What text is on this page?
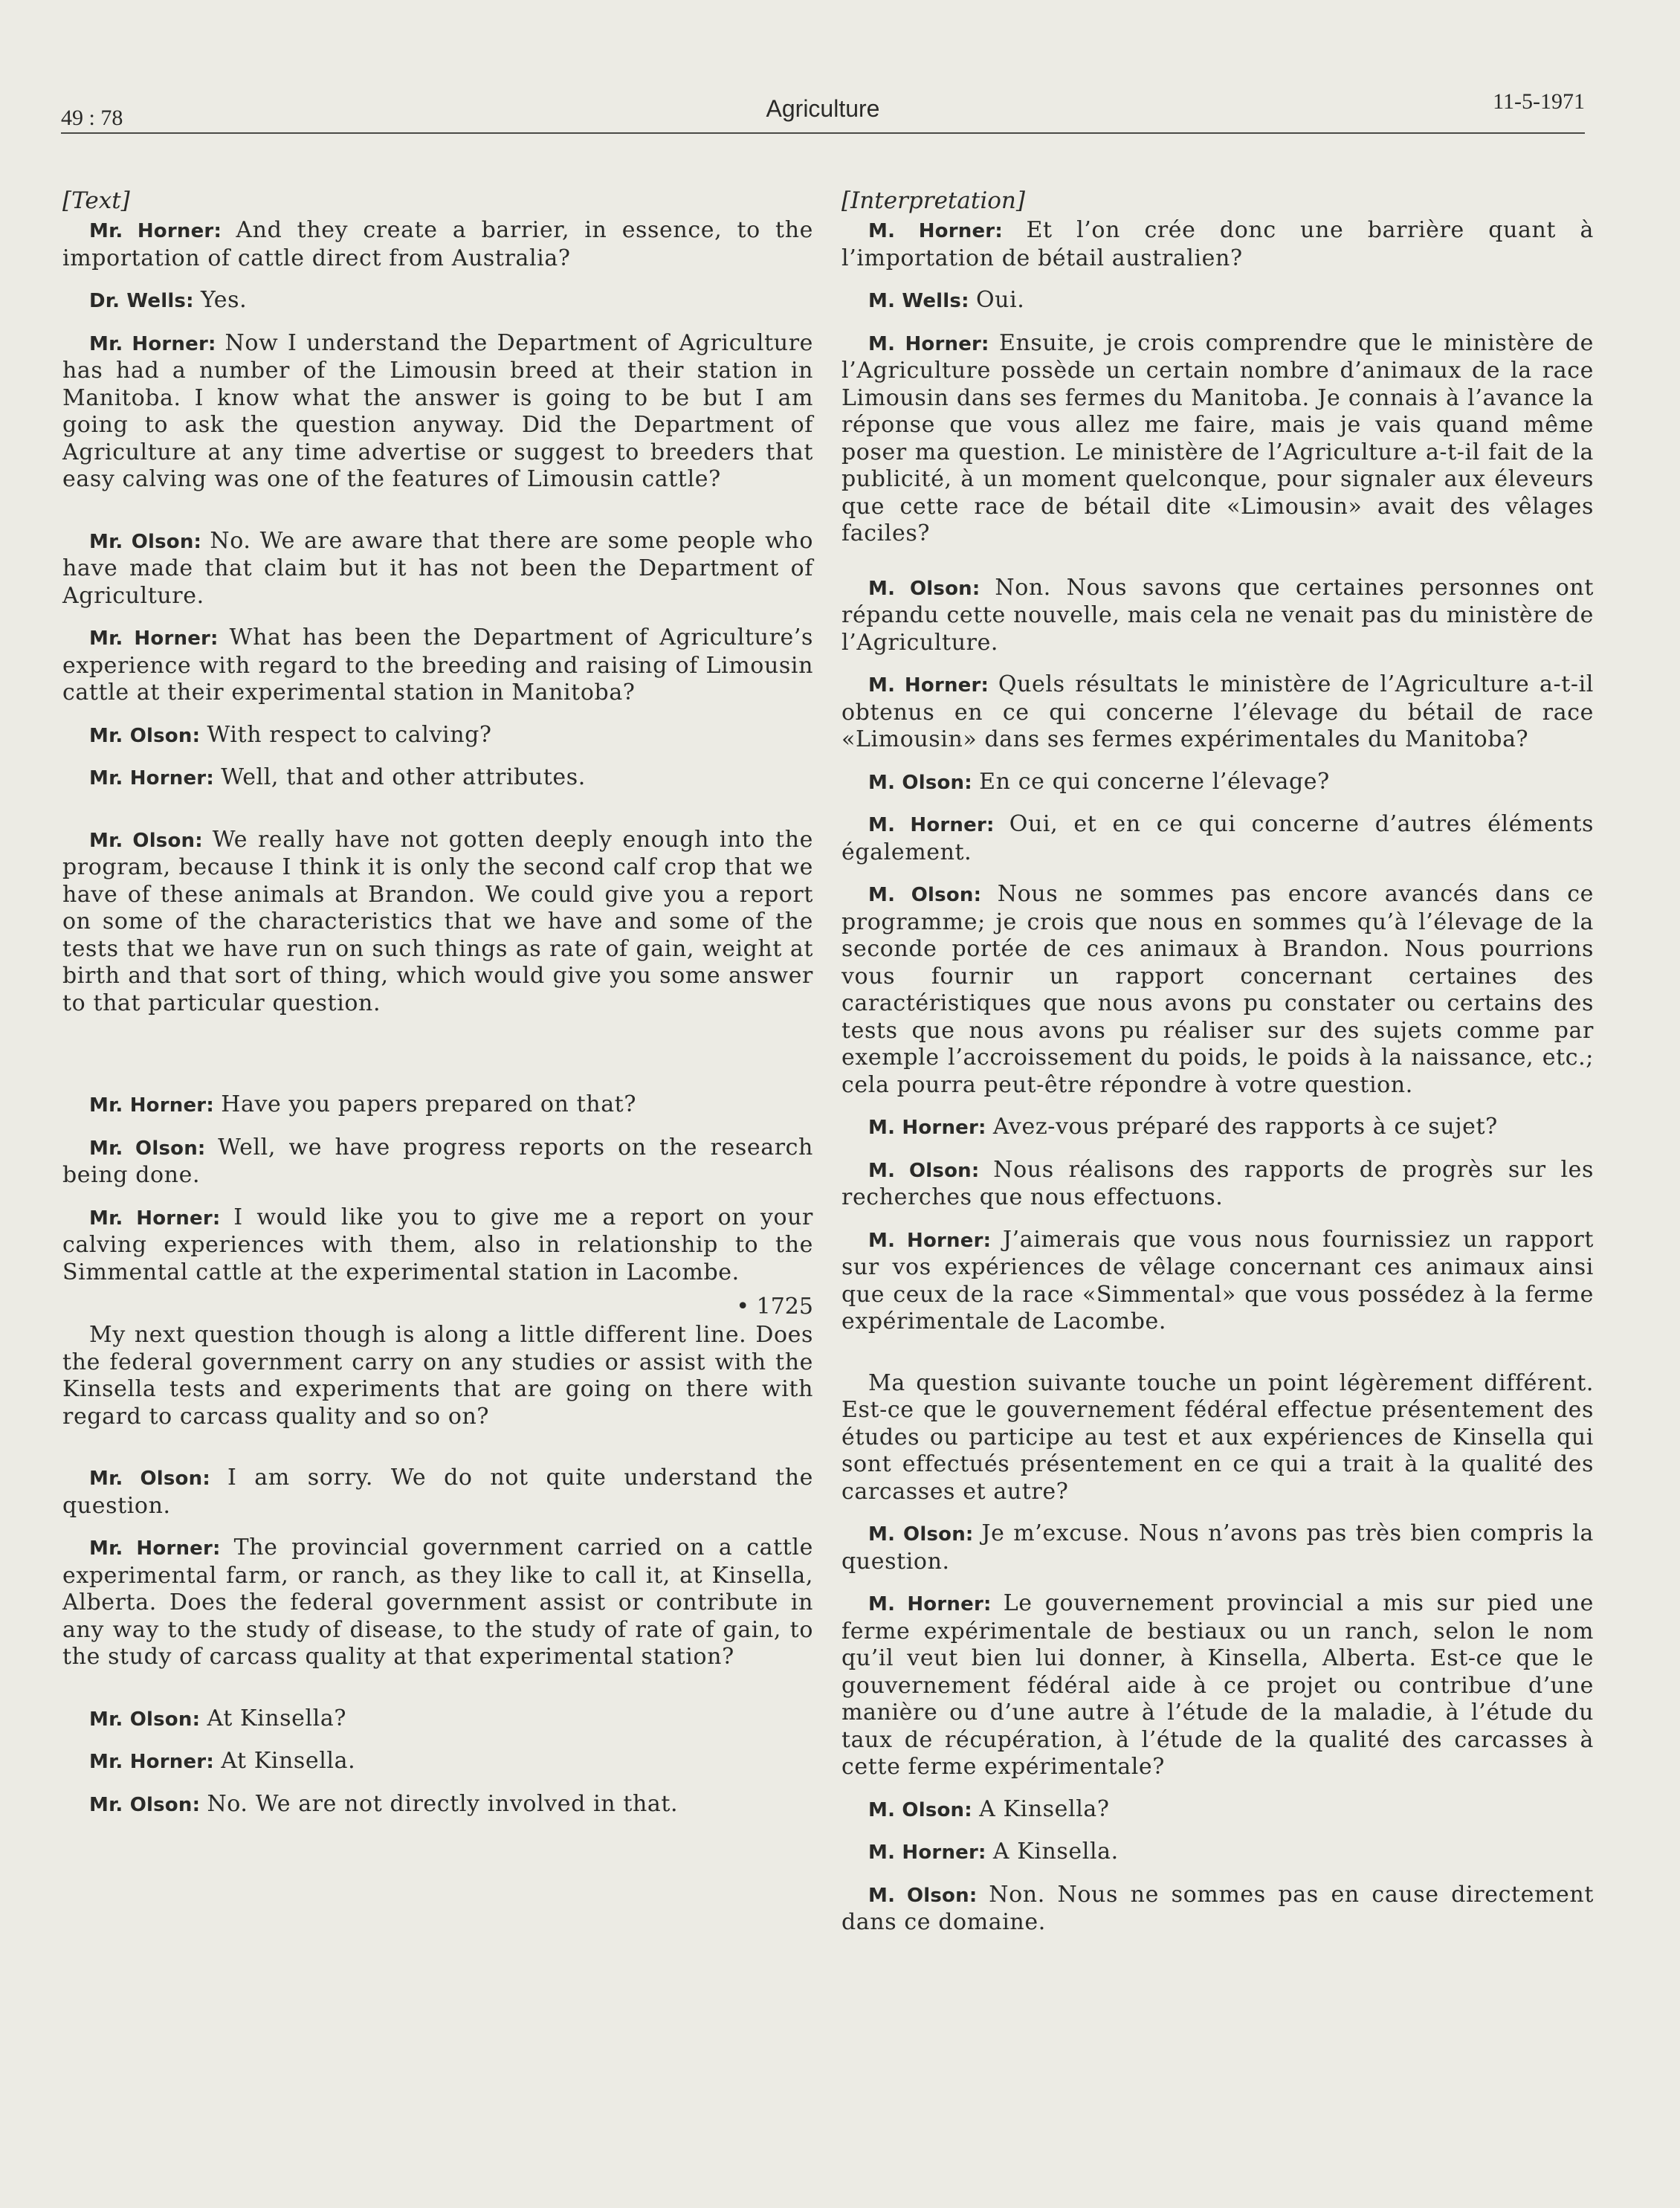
49 : 78	Agriculture	11-5-1971
[Text]

Mr. Horner: And they create a barrier, in essence, to the importation of cattle direct from Australia?

Dr. Wells: Yes.

Mr. Horner: Now I understand the Department of Agriculture has had a number of the Limousin breed at their station in Manitoba. I know what the answer is going to be but I am going to ask the question anyway. Did the Department of Agriculture at any time advertise or suggest to breeders that easy calving was one of the features of Limousin cattle?

Mr. Olson: No. We are aware that there are some people who have made that claim but it has not been the Department of Agriculture.

Mr. Horner: What has been the Department of Agriculture’s experience with regard to the breeding and raising of Limousin cattle at their experimental station in Manitoba?

Mr. Olson: With respect to calving?

Mr. Horner: Well, that and other attributes.

Mr. Olson: We really have not gotten deeply enough into the program, because I think it is only the second calf crop that we have of these animals at Brandon. We could give you a report on some of the characteristics that we have and some of the tests that we have run on such things as rate of gain, weight at birth and that sort of thing, which would give you some answer to that particular question.

Mr. Horner: Have you papers prepared on that?

Mr. Olson: Well, we have progress reports on the research being done.

Mr. Horner: I would like you to give me a report on your calving experiences with them, also in relationship to the Simmental cattle at the experimental station in Lacombe.

• 1725

My next question though is along a little different line. Does the federal government carry on any studies or assist with the Kinsella tests and experiments that are going on there with regard to carcass quality and so on?

Mr. Olson: I am sorry. We do not quite understand the question.

Mr. Horner: The provincial government carried on a cattle experimental farm, or ranch, as they like to call it, at Kinsella, Alberta. Does the federal government assist or contribute in any way to the study of disease, to the study of rate of gain, to the study of carcass quality at that experimental station?

Mr. Olson: At Kinsella?

Mr. Horner: At Kinsella.

Mr. Olson: No. We are not directly involved in that.

[Interpretation]

M. Horner: Et l’on crée donc une barrière quant à l’importation de bétail australien?

M. Wells: Oui.

M. Horner: Ensuite, je crois comprendre que le ministère de l’Agriculture possède un certain nombre d’animaux de la race Limousin dans ses fermes du Manitoba. Je connais à l’avance la réponse que vous allez me faire, mais je vais quand même poser ma question. Le ministère de l’Agriculture a-t-il fait de la publicité, à un moment quelconque, pour signaler aux éleveurs que cette race de bétail dite «Limousin» avait des vêlages faciles?

M. Olson: Non. Nous savons que certaines personnes ont répandu cette nouvelle, mais cela ne venait pas du ministère de l’Agriculture.

M. Horner: Quels résultats le ministère de l’Agriculture a-t-il obtenus en ce qui concerne l’élevage du bétail de race «Limousin» dans ses fermes expérimentales du Manitoba?

M. Olson: En ce qui concerne l’élevage?

M. Horner: Oui, et en ce qui concerne d’autres éléments également.

M. Olson: Nous ne sommes pas encore avancés dans ce programme; je crois que nous en sommes qu’à l’élevage de la seconde portée de ces animaux à Brandon. Nous pourrions vous fournir un rapport concernant certaines des caractéristiques que nous avons pu constater ou certains des tests que nous avons pu réaliser sur des sujets comme par exemple l’accroissement du poids, le poids à la naissance, etc.; cela pourra peut-être répondre à votre question.

M. Horner: Avez-vous préparé des rapports à ce sujet?

M. Olson: Nous réalisons des rapports de progrès sur les recherches que nous effectuons.

M. Horner: J’aimerais que vous nous fournissiez un rapport sur vos expériences de vêlage concernant ces animaux ainsi que ceux de la race «Simmental» que vous possédez à la ferme expérimentale de Lacombe.

Ma question suivante touche un point légèrement différent. Est-ce que le gouvernement fédéral effectue présentement des études ou participe au test et aux expériences de Kinsella qui sont effectués présentement en ce qui a trait à la qualité des carcasses et autre?

M. Olson: Je m’excuse. Nous n’avons pas très bien compris la question.

M. Horner: Le gouvernement provincial a mis sur pied une ferme expérimentale de bestiaux ou un ranch, selon le nom qu’il veut bien lui donner, à Kinsella, Alberta. Est-ce que le gouvernement fédéral aide à ce projet ou contribue d’une manière ou d’une autre à l’étude de la maladie, à l’étude du taux de récupération, à l’étude de la qualité des carcasses à cette ferme expérimentale?

M. Olson: A Kinsella?

M. Horner: A Kinsella.

M. Olson: Non. Nous ne sommes pas en cause directement dans ce domaine.
